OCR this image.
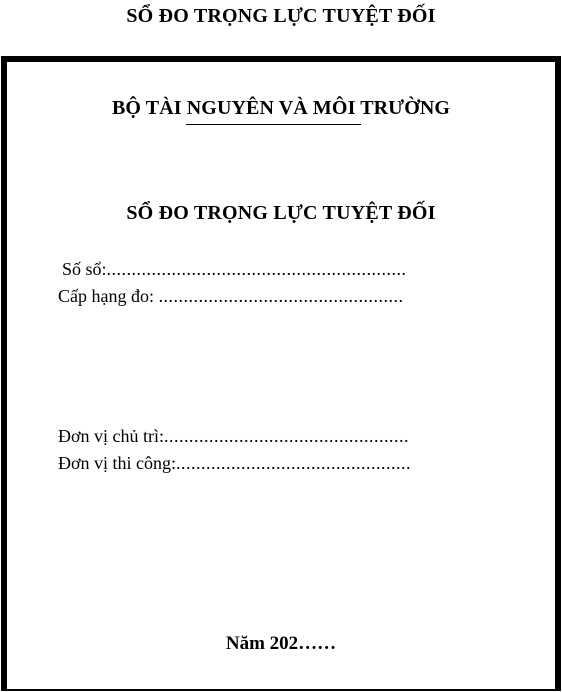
SỔ ĐO TRỌNG LỰC TUYỆT ĐỐI
BỘ TÀI NGUYÊN VÀ MÔI TRƯỜNG
SỔ ĐO TRỌNG LỰC TUYỆT ĐỐI
Số sổ:............................................................
Cấp hạng đo: .................................................
Đơn vị chủ trì:.................................................
Đơn vị thi công:...............................................
Năm 202……
